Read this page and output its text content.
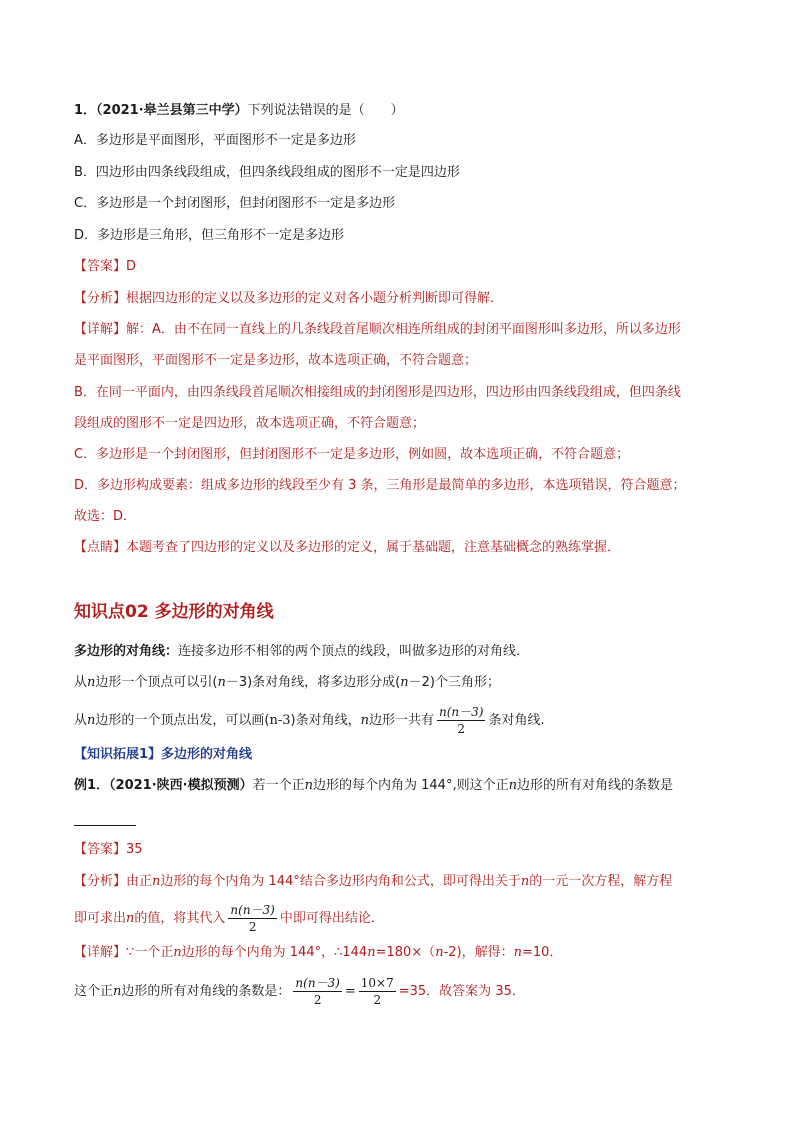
1．（2021·皋兰县第三中学）下列说法错误的是（　　）
A．多边形是平面图形，平面图形不一定是多边形
B．四边形由四条线段组成，但四条线段组成的图形不一定是四边形
C．多边形是一个封闭图形，但封闭图形不一定是多边形
D．多边形是三角形，但三角形不一定是多边形
【答案】D
【分析】根据四边形的定义以及多边形的定义对各小题分析判断即可得解．
【详解】解：A．由不在同一直线上的几条线段首尾顺次相连所组成的封闭平面图形叫多边形，所以多边形
是平面图形，平面图形不一定是多边形，故本选项正确，不符合题意；
B．在同一平面内，由四条线段首尾顺次相接组成的封闭图形是四边形，四边形由四条线段组成，但四条线
段组成的图形不一定是四边形，故本选项正确，不符合题意；
C．多边形是一个封闭图形，但封闭图形不一定是多边形，例如圆，故本选项正确，不符合题意；
D．多边形构成要素：组成多边形的线段至少有 3 条，三角形是最简单的多边形，本选项错误，符合题意；
故选：D．
【点睛】本题考查了四边形的定义以及多边形的定义，属于基础题，注意基础概念的熟练掌握．
知识点02 多边形的对角线
多边形的对角线：连接多边形不相邻的两个顶点的线段，叫做多边形的对角线.
从n边形一个顶点可以引(n－3)条对角线，将多边形分成(n－2)个三角形；
从n边形的一个顶点出发，可以画(n-3)条对角线，n边形一共有 $\frac{n(n-3)}{2}$ 条对角线.
【知识拓展1】多边形的对角线
例1．（2021·陕西·模拟预测）若一个正n边形的每个内角为 144°,则这个正n边形的所有对角线的条数是
【答案】35
【分析】由正n边形的每个内角为 144°结合多边形内角和公式，即可得出关于n的一元一次方程，解方程
即可求出n的值，将其代入 $\frac{n(n-3)}{2}$ 中即可得出结论．
【详解】∵一个正n边形的每个内角为 144°，∴144n=180×（n-2)，解得：n=10．
这个正n边形的所有对角线的条数是： $\frac{n(n-3)}{2} = \frac{10\times 7}{2} =35$．故答案为 35．
